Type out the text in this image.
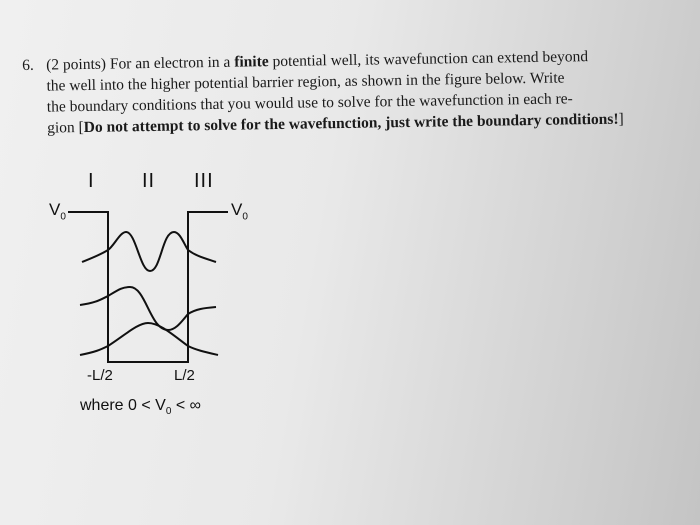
6. (2 points) For an electron in a finite potential well, its wavefunction can extend beyond

the well into the higher potential barrier region, as shown in the figure below. Write

the boundary conditions that you would use to solve for the wavefunction in each re-

gion [Do not attempt to solve for the wavefunction, just write the boundary conditions!]

I II III
$V_0$	$V_0$
-L/2	L/2
where $0 < V_0$ < ∞
